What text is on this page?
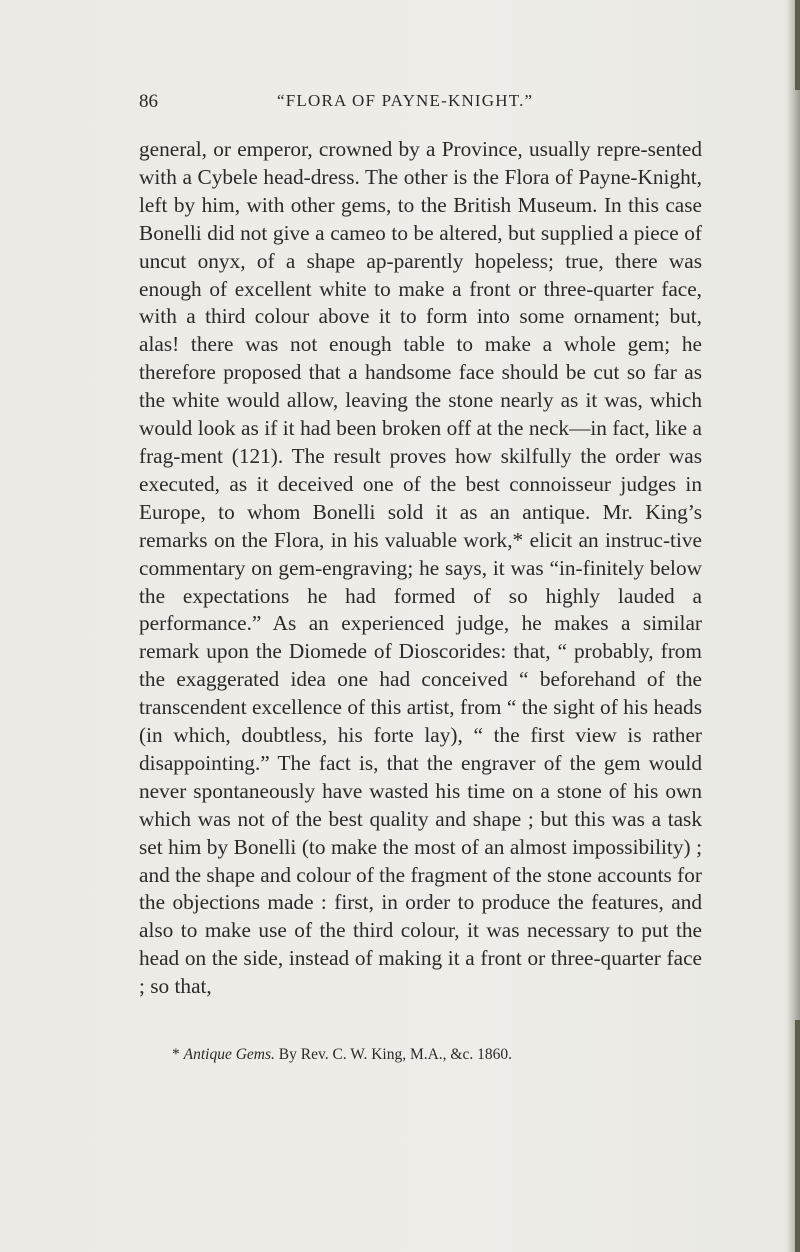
86	“FLORA OF PAYNE-KNIGHT.”

general, or emperor, crowned by a Province, usually repre-sented with a Cybele head-dress. The other is the Flora of Payne-Knight, left by him, with other gems, to the British Museum. In this case Bonelli did not give a cameo to be altered, but supplied a piece of uncut onyx, of a shape ap-parently hopeless; true, there was enough of excellent white to make a front or three-quarter face, with a third colour above it to form into some ornament; but, alas! there was not enough table to make a whole gem; he therefore proposed that a handsome face should be cut so far as the white would allow, leaving the stone nearly as it was, which would look as if it had been broken off at the neck—in fact, like a frag-ment (121). The result proves how skilfully the order was executed, as it deceived one of the best connoisseur judges in Europe, to whom Bonelli sold it as an antique. Mr. King’s remarks on the Flora, in his valuable work,* elicit an instruc-tive commentary on gem-engraving; he says, it was “in-finitely below the expectations he had formed of so highly lauded a performance.” As an experienced judge, he makes a similar remark upon the Diomede of Dioscorides: that, “ probably, from the exaggerated idea one had conceived “ beforehand of the transcendent excellence of this artist, from “ the sight of his heads (in which, doubtless, his forte lay), “ the first view is rather disappointing.” The fact is, that the engraver of the gem would never spontaneously have wasted his time on a stone of his own which was not of the best quality and shape ; but this was a task set him by Bonelli (to make the most of an almost impossibility) ; and the shape and colour of the fragment of the stone accounts for the objections made : first, in order to produce the features, and also to make use of the third colour, it was necessary to put the head on the side, instead of making it a front or three-quarter face ; so that,

* Antique Gems. By Rev. C. W. King, M.A., &c. 1860.
